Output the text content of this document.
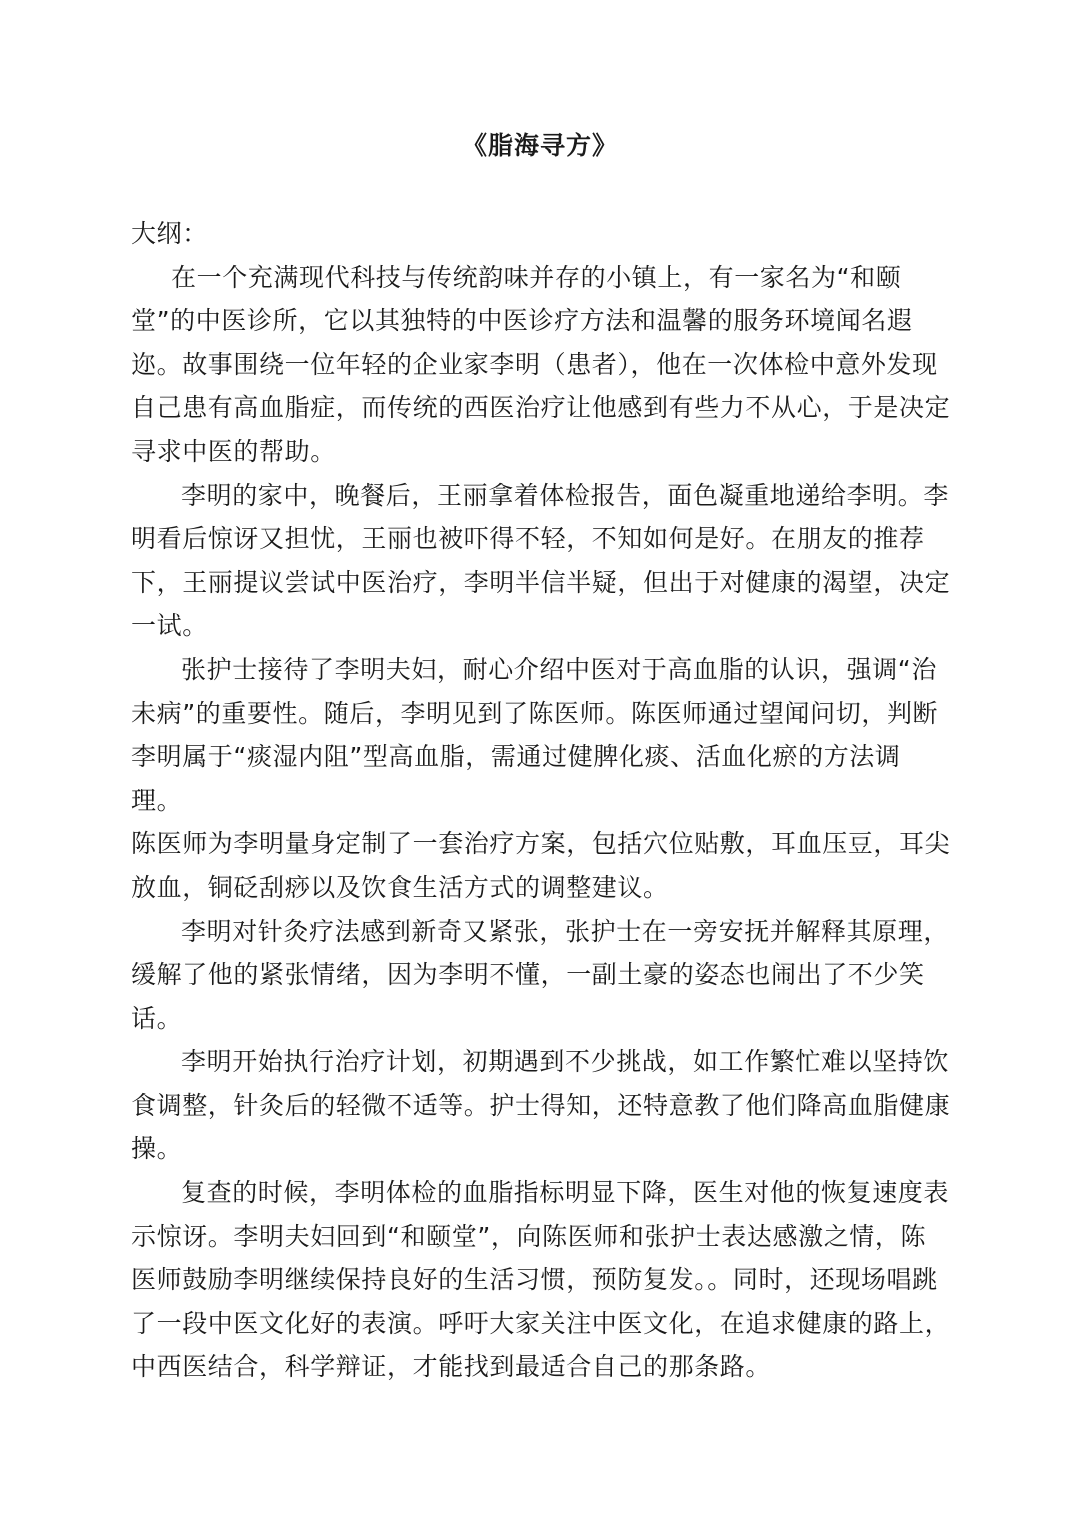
《脂海寻方》

大纲：

在一个充满现代科技与传统韵味并存的小镇上，有一家名为“和颐堂”的中医诊所，它以其独特的中医诊疗方法和温馨的服务环境闻名遐迩。故事围绕一位年轻的企业家李明（患者），他在一次体检中意外发现自己患有高血脂症，而传统的西医治疗让他感到有些力不从心，于是决定寻求中医的帮助。

李明的家中，晚餐后，王丽拿着体检报告，面色凝重地递给李明。李明看后惊讶又担忧，王丽也被吓得不轻，不知如何是好。在朋友的推荐下，王丽提议尝试中医治疗，李明半信半疑，但出于对健康的渴望，决定一试。

张护士接待了李明夫妇，耐心介绍中医对于高血脂的认识，强调“治未病”的重要性。随后，李明见到了陈医师。陈医师通过望闻问切，判断李明属于“痰湿内阻”型高血脂，需通过健脾化痰、活血化瘀的方法调理。

陈医师为李明量身定制了一套治疗方案，包括穴位贴敷，耳血压豆，耳尖放血，铜砭刮痧以及饮食生活方式的调整建议。

李明对针灸疗法感到新奇又紧张，张护士在一旁安抚并解释其原理，缓解了他的紧张情绪，因为李明不懂，一副土豪的姿态也闹出了不少笑话。

李明开始执行治疗计划，初期遇到不少挑战，如工作繁忙难以坚持饮食调整，针灸后的轻微不适等。护士得知，还特意教了他们降高血脂健康操。

复查的时候，李明体检的血脂指标明显下降，医生对他的恢复速度表示惊讶。李明夫妇回到“和颐堂”，向陈医师和张护士表达感激之情，陈医师鼓励李明继续保持良好的生活习惯，预防复发。。同时，还现场唱跳了一段中医文化好的表演。呼吁大家关注中医文化，在追求健康的路上，中西医结合，科学辩证，才能找到最适合自己的那条路。
